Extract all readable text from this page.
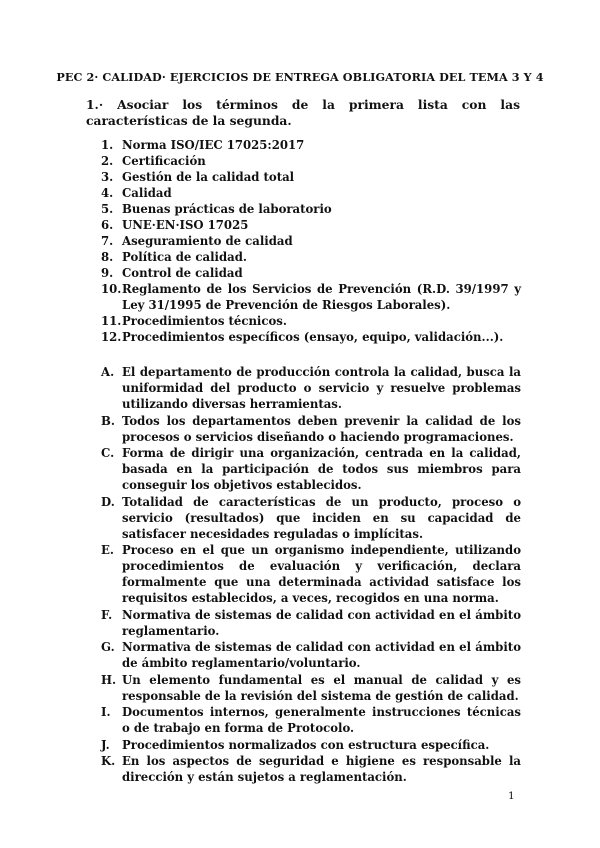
PEC 2· CALIDAD· EJERCICIOS DE ENTREGA OBLIGATORIA DEL TEMA 3 Y 4
1.· Asociar los términos de la primera lista con las características de la segunda.
1. Norma ISO/IEC 17025:2017
2. Certificación
3. Gestión de la calidad total
4. Calidad
5. Buenas prácticas de laboratorio
6. UNE·EN·ISO 17025
7. Aseguramiento de calidad
8. Política de calidad.
9. Control de calidad
10. Reglamento de los Servicios de Prevención (R.D. 39/1997 y Ley 31/1995 de Prevención de Riesgos Laborales).
11. Procedimientos técnicos.
12. Procedimientos específicos (ensayo, equipo, validación...).
A. El departamento de producción controla la calidad, busca la uniformidad del producto o servicio y resuelve problemas utilizando diversas herramientas.
B. Todos los departamentos deben prevenir la calidad de los procesos o servicios diseñando o haciendo programaciones.
C. Forma de dirigir una organización, centrada en la calidad, basada en la participación de todos sus miembros para conseguir los objetivos establecidos.
D. Totalidad de características de un producto, proceso o servicio (resultados) que inciden en su capacidad de satisfacer necesidades reguladas o implícitas.
E. Proceso en el que un organismo independiente, utilizando procedimientos de evaluación y verificación, declara formalmente que una determinada actividad satisface los requisitos establecidos, a veces, recogidos en una norma.
F. Normativa de sistemas de calidad con actividad en el ámbito reglamentario.
G. Normativa de sistemas de calidad con actividad en el ámbito de ámbito reglamentario/voluntario.
H. Un elemento fundamental es el manual de calidad y es responsable de la revisión del sistema de gestión de calidad.
I. Documentos internos, generalmente instrucciones técnicas o de trabajo en forma de Protocolo.
J. Procedimientos normalizados con estructura específica.
K. En los aspectos de seguridad e higiene es responsable la dirección y están sujetos a reglamentación.
1
